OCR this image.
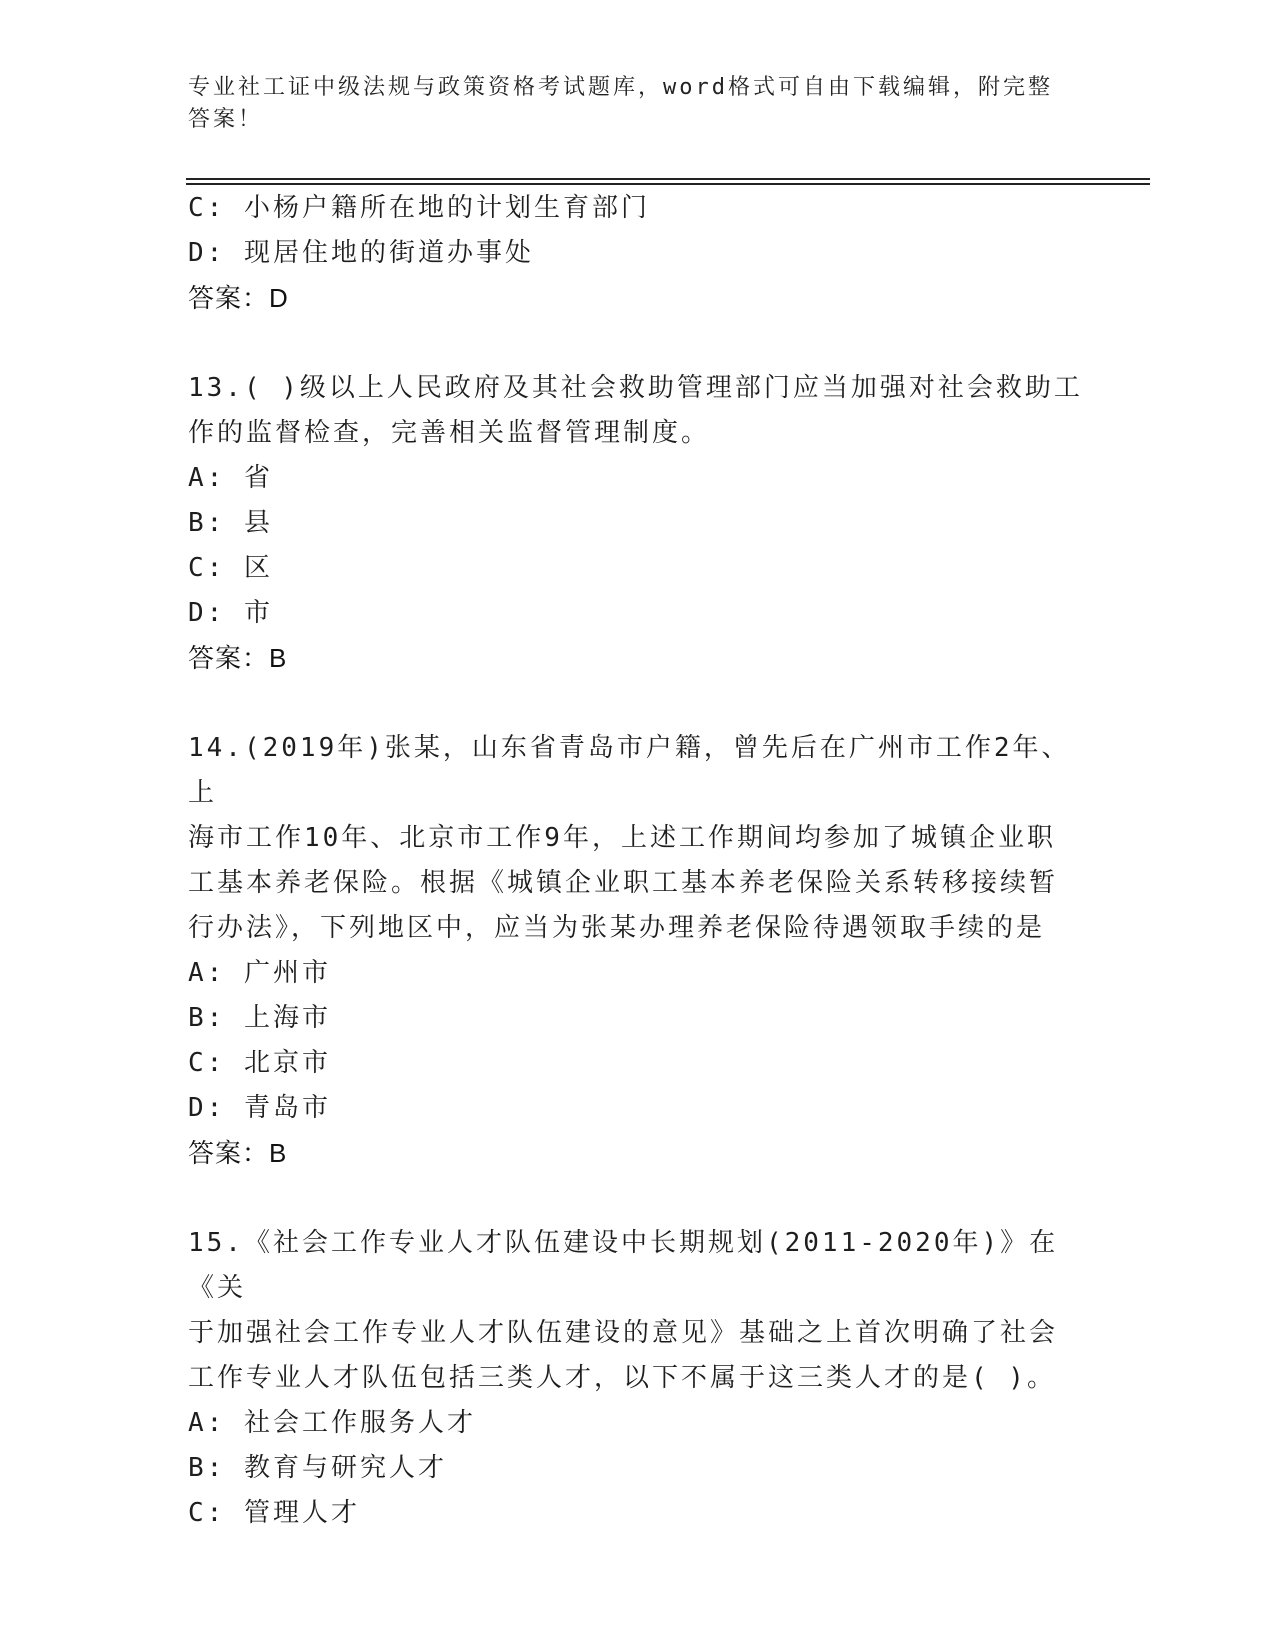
专业社工证中级法规与政策资格考试题库，word格式可自由下载编辑，附完整答案！
C: 小杨户籍所在地的计划生育部门
D: 现居住地的街道办事处
答案：D
13.( )级以上人民政府及其社会救助管理部门应当加强对社会救助工
作的监督检查，完善相关监督管理制度。
A: 省
B: 县
C: 区
D: 市
答案：B
14.(2019年)张某，山东省青岛市户籍，曾先后在广州市工作2年、上
海市工作10年、北京市工作9年，上述工作期间均参加了城镇企业职
工基本养老保险。根据《城镇企业职工基本养老保险关系转移接续暂
行办法》，下列地区中，应当为张某办理养老保险待遇领取手续的是
A: 广州市
B: 上海市
C: 北京市
D: 青岛市
答案：B
15.《社会工作专业人才队伍建设中长期规划(2011-2020年)》在《关
于加强社会工作专业人才队伍建设的意见》基础之上首次明确了社会
工作专业人才队伍包括三类人才，以下不属于这三类人才的是( )。
A: 社会工作服务人才
B: 教育与研究人才
C: 管理人才
